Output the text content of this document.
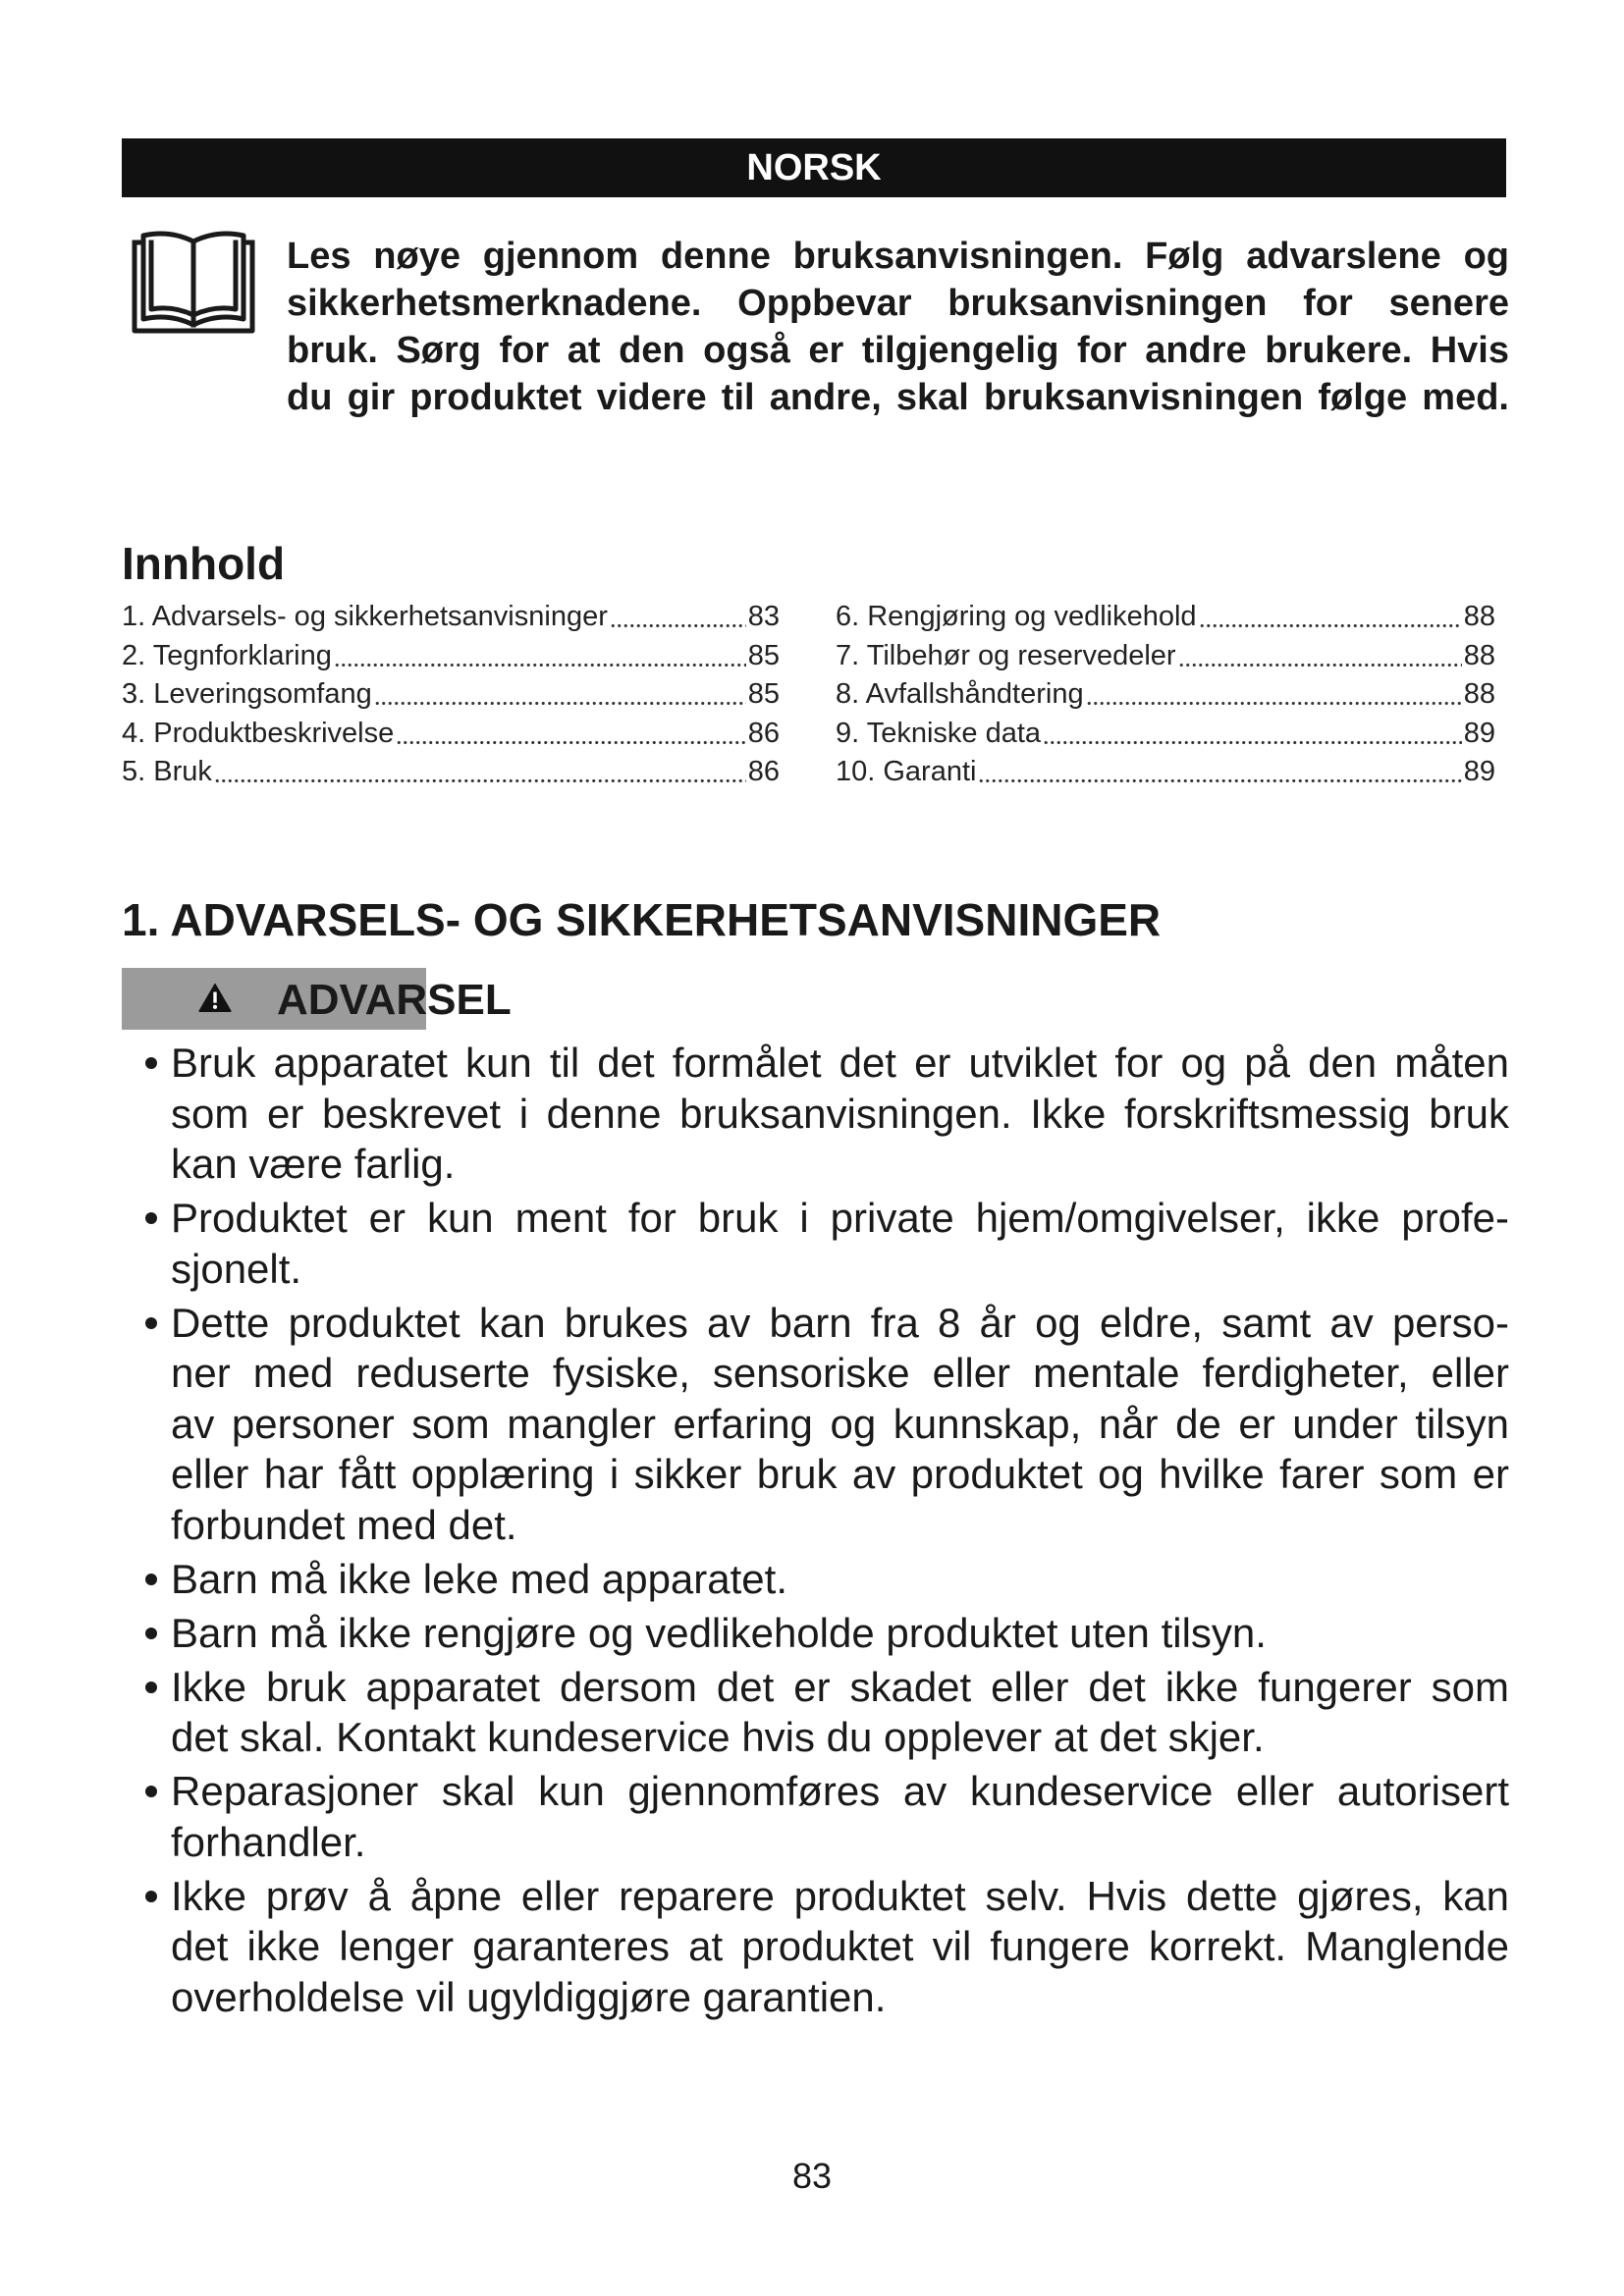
NORSK
Les nøye gjennom denne bruksanvisningen. Følg advarslene og
sikkerhetsmerknadene. Oppbevar bruksanvisningen for senere
bruk. Sørg for at den også er tilgjengelig for andre brukere. Hvis
du gir produktet videre til andre, skal bruksanvisningen følge med.
Innhold
1. Advarsels- og sikkerhetsanvisninger	83
2. Tegnforklaring	85
3. Leveringsomfang	85
4. Produktbeskrivelse	86
5. Bruk	86
6. Rengjøring og vedlikehold	88
7. Tilbehør og reservedeler	88
8. Avfallshåndtering	88
9. Tekniske data	89
10. Garanti	89
1. ADVARSELS- OG SIKKERHETSANVISNINGER
ADVARSEL
Bruk apparatet kun til det formålet det er utviklet for og på den måten
som er beskrevet i denne bruksanvisningen. Ikke forskriftsmessig bruk
kan være farlig.
Produktet er kun ment for bruk i private hjem/omgivelser, ikke profe-
sjonelt.
Dette produktet kan brukes av barn fra 8 år og eldre, samt av perso-
ner med reduserte fysiske, sensoriske eller mentale ferdigheter, eller
av personer som mangler erfaring og kunnskap, når de er under tilsyn
eller har fått opplæring i sikker bruk av produktet og hvilke farer som er
forbundet med det.
Barn må ikke leke med apparatet.
Barn må ikke rengjøre og vedlikeholde produktet uten tilsyn.
Ikke bruk apparatet dersom det er skadet eller det ikke fungerer som
det skal. Kontakt kundeservice hvis du opplever at det skjer.
Reparasjoner skal kun gjennomføres av kundeservice eller autorisert
forhandler.
Ikke prøv å åpne eller reparere produktet selv. Hvis dette gjøres, kan
det ikke lenger garanteres at produktet vil fungere korrekt. Manglende
overholdelse vil ugyldiggjøre garantien.
83
